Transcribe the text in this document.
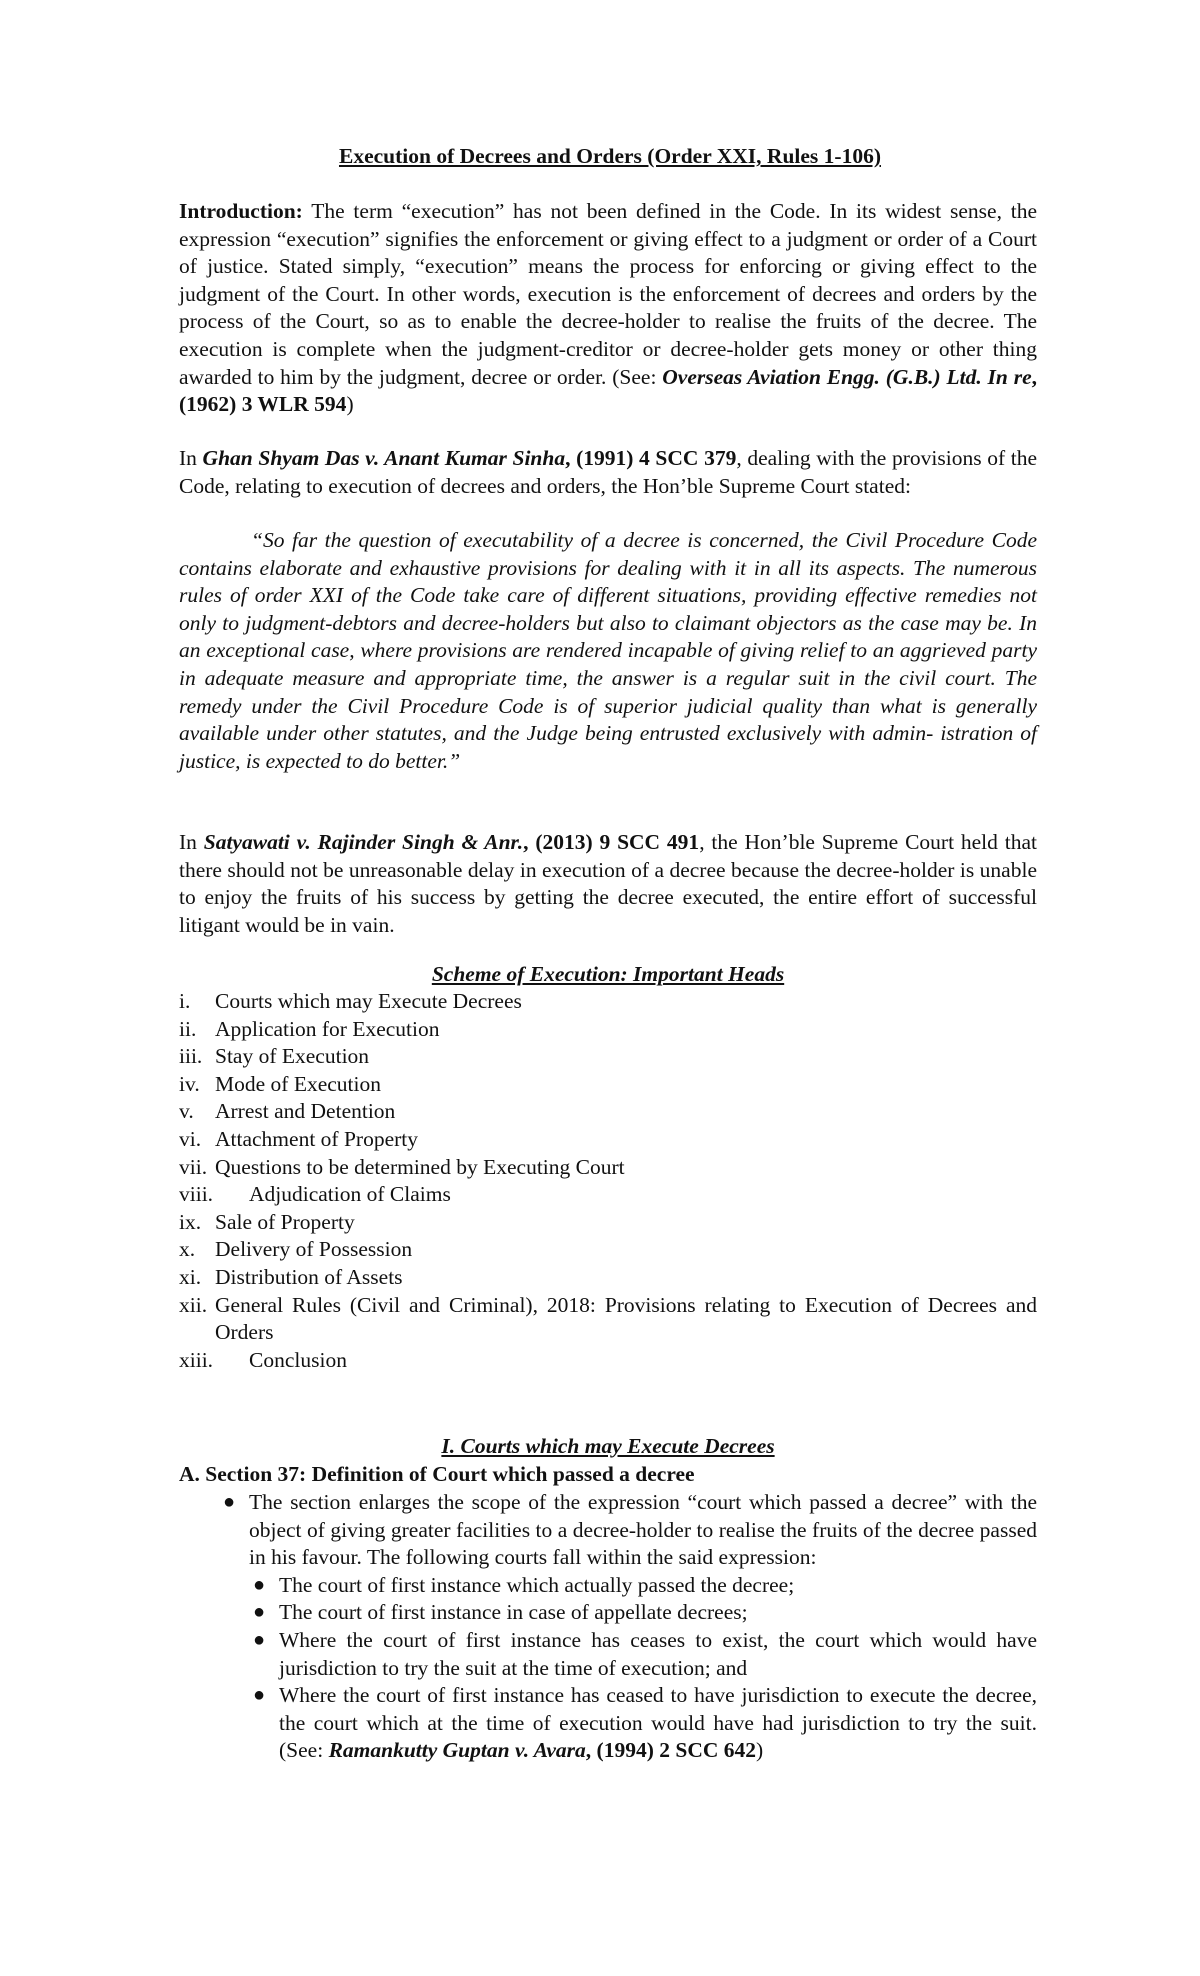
Execution of Decrees and Orders (Order XXI, Rules 1-106)

Introduction: The term “execution” has not been defined in the Code. In its widest sense, the expression “execution” signifies the enforcement or giving effect to a judgment or order of a Court of justice. Stated simply, “execution” means the process for enforcing or giving effect to the judgment of the Court. In other words, execution is the enforcement of decrees and orders by the process of the Court, so as to enable the decree-holder to realise the fruits of the decree. The execution is complete when the judgment-creditor or decree-holder gets money or other thing awarded to him by the judgment, decree or order. (See: Overseas Aviation Engg. (G.B.) Ltd. In re, (1962) 3 WLR 594)

In Ghan Shyam Das v. Anant Kumar Sinha, (1991) 4 SCC 379, dealing with the provisions of the Code, relating to execution of decrees and orders, the Hon’ble Supreme Court stated:

“So far the question of executability of a decree is concerned, the Civil Procedure Code contains elaborate and exhaustive provisions for dealing with it in all its aspects. The numerous rules of order XXI of the Code take care of different situations, providing effective remedies not only to judgment-debtors and decree-holders but also to claimant objectors as the case may be. In an exceptional case, where provisions are rendered incapable of giving relief to an aggrieved party in adequate measure and appropriate time, the answer is a regular suit in the civil court. The remedy under the Civil Procedure Code is of superior judicial quality than what is generally available under other statutes, and the Judge being entrusted exclusively with admin- istration of justice, is expected to do better.”

In Satyawati v. Rajinder Singh & Anr., (2013) 9 SCC 491, the Hon’ble Supreme Court held that there should not be unreasonable delay in execution of a decree because the decree-holder is unable to enjoy the fruits of his success by getting the decree executed, the entire effort of successful litigant would be in vain.

Scheme of Execution: Important Heads
i. Courts which may Execute Decrees
ii. Application for Execution
iii. Stay of Execution
iv. Mode of Execution
v. Arrest and Detention
vi. Attachment of Property
vii. Questions to be determined by Executing Court
viii. Adjudication of Claims
ix. Sale of Property
x. Delivery of Possession
xi. Distribution of Assets
xii. General Rules (Civil and Criminal), 2018: Provisions relating to Execution of Decrees and Orders
xiii. Conclusion
I. Courts which may Execute Decrees
A. Section 37: Definition of Court which passed a decree
● The section enlarges the scope of the expression “court which passed a decree” with the object of giving greater facilities to a decree-holder to realise the fruits of the decree passed in his favour. The following courts fall within the said expression:
● The court of first instance which actually passed the decree;
● The court of first instance in case of appellate decrees;
● Where the court of first instance has ceases to exist, the court which would have jurisdiction to try the suit at the time of execution; and
● Where the court of first instance has ceased to have jurisdiction to execute the decree, the court which at the time of execution would have had jurisdiction to try the suit. (See: Ramankutty Guptan v. Avara, (1994) 2 SCC 642)
